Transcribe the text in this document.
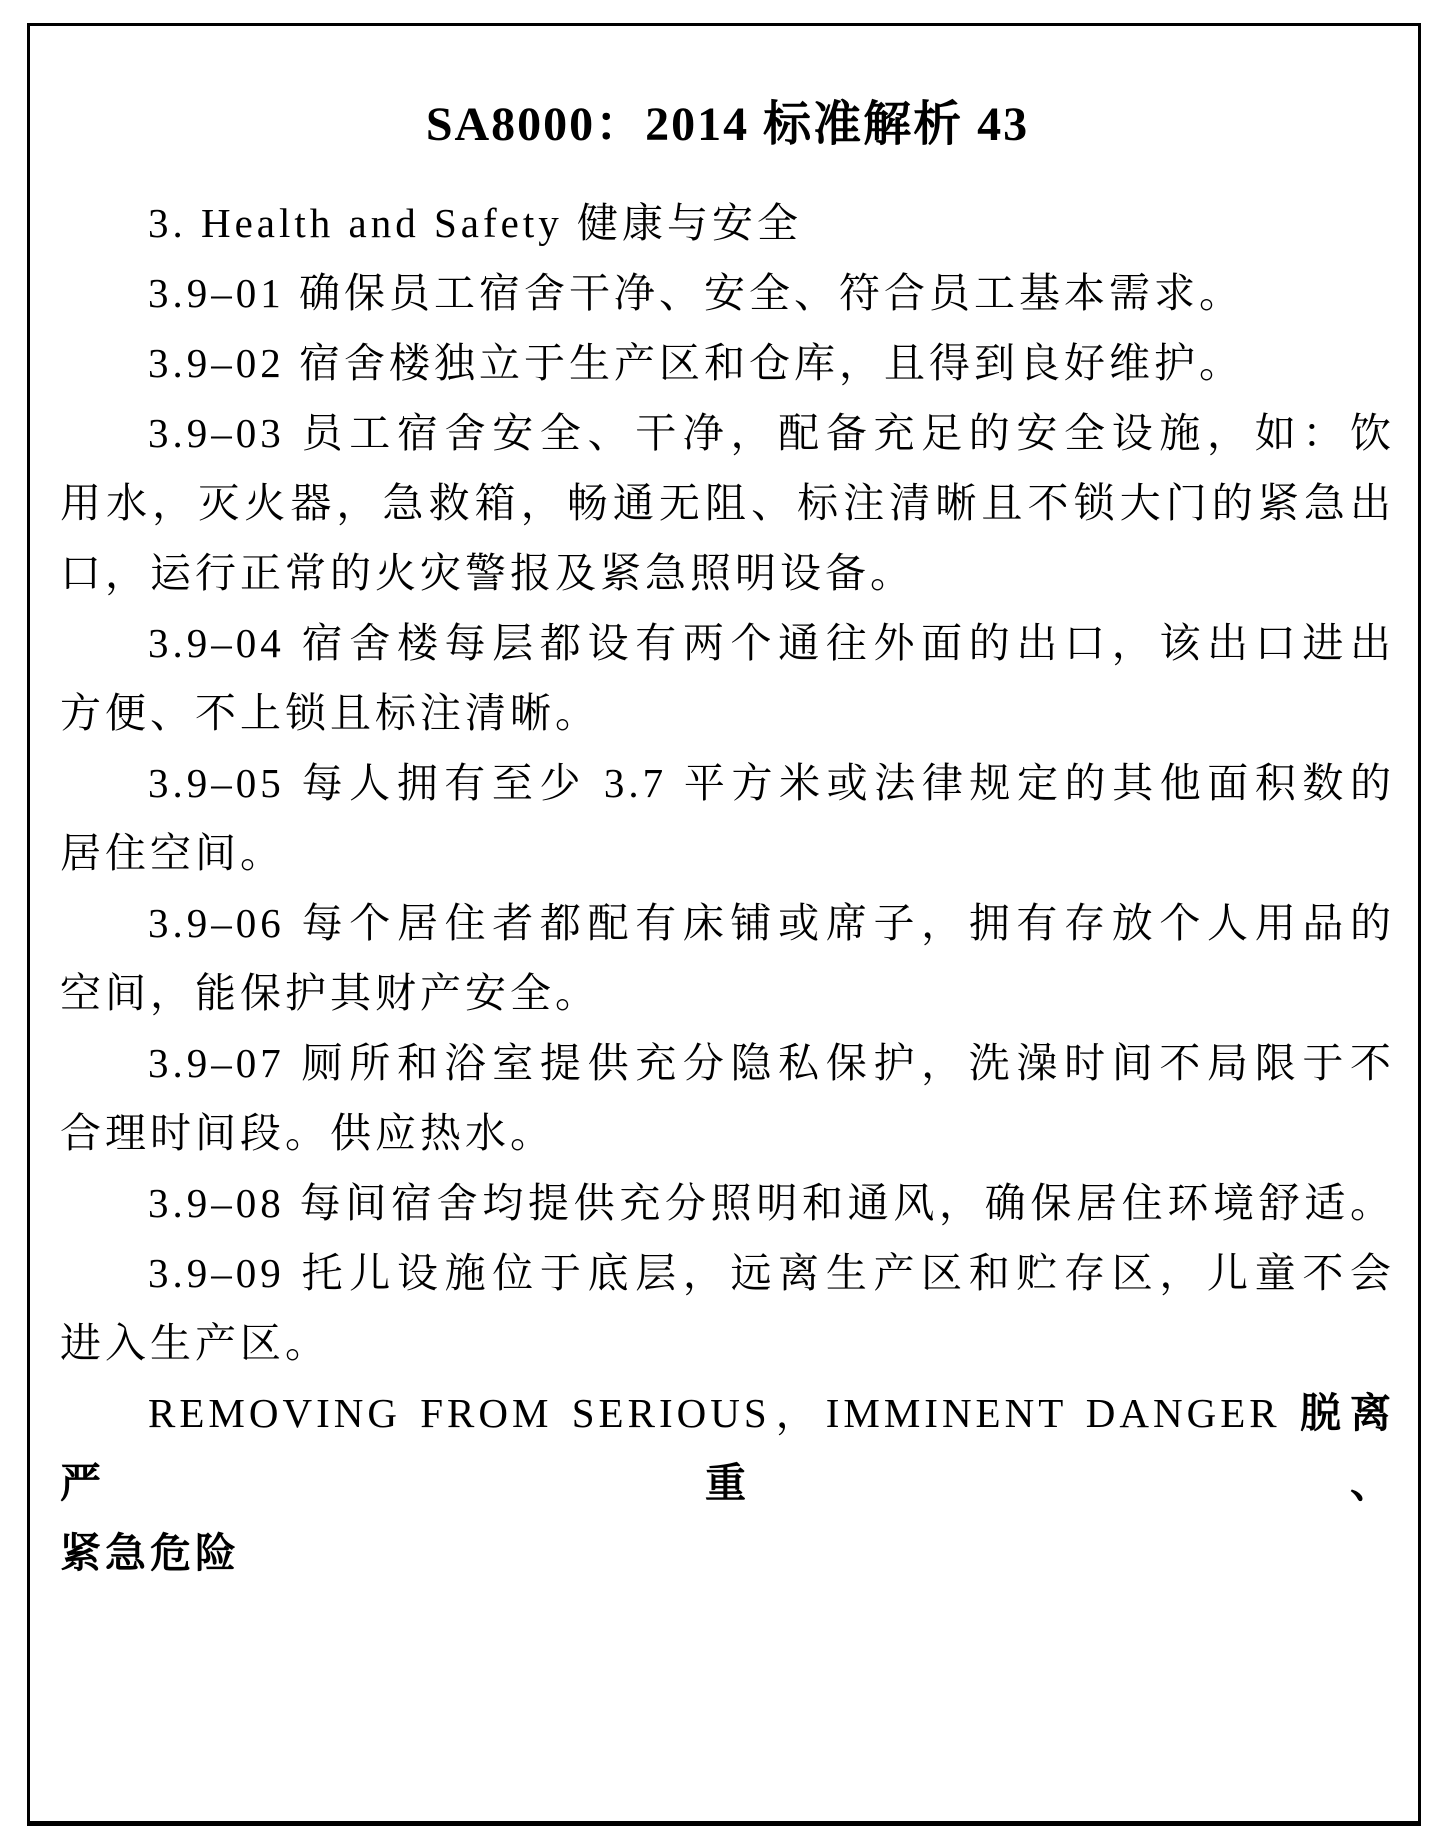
SA8000：2014 标准解析 43
3. Health and Safety 健康与安全
3.9–01 确保员工宿舍干净、安全、符合员工基本需求。
3.9–02 宿舍楼独立于生产区和仓库，且得到良好维护。
3.9–03 员工宿舍安全、干净，配备充足的安全设施，如：饮
用水，灭火器，急救箱，畅通无阻、标注清晰且不锁大门的紧急出
口，运行正常的火灾警报及紧急照明设备。
3.9–04 宿舍楼每层都设有两个通往外面的出口，该出口进出
方便、不上锁且标注清晰。
3.9–05 每人拥有至少 3.7 平方米或法律规定的其他面积数的
居住空间。
3.9–06 每个居住者都配有床铺或席子，拥有存放个人用品的
空间，能保护其财产安全。
3.9–07 厕所和浴室提供充分隐私保护，洗澡时间不局限于不
合理时间段。供应热水。
3.9–08 每间宿舍均提供充分照明和通风，确保居住环境舒适。
3.9–09 托儿设施位于底层，远离生产区和贮存区，儿童不会
进入生产区。
REMOVING FROM SERIOUS，IMMINENT DANGER 脱离严重、
紧急危险
